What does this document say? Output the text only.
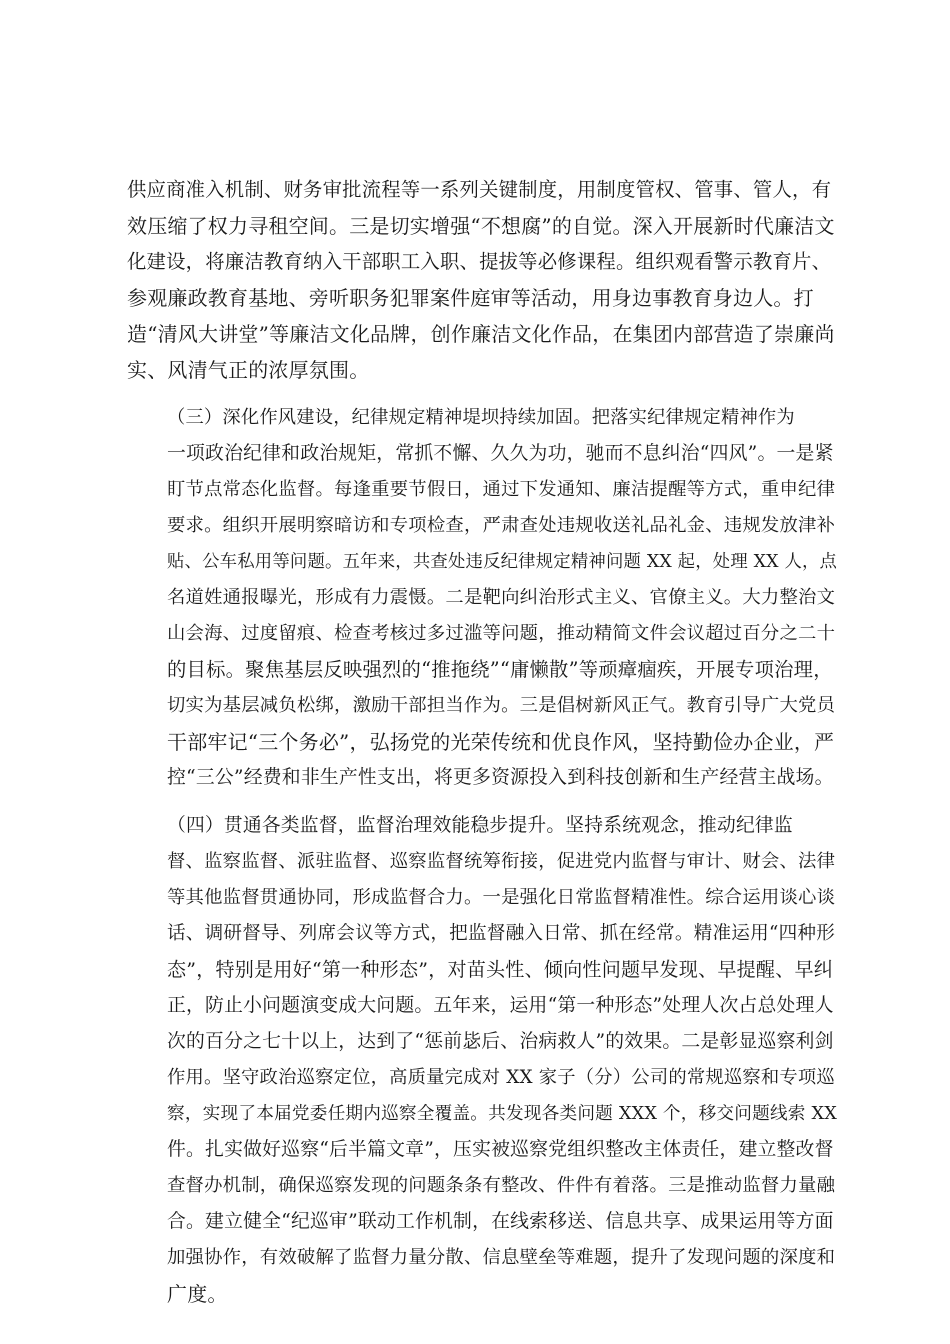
供应商准入机制、财务审批流程等一系列关键制度，用制度管权、管事、管人，有
效压缩了权力寻租空间。三是切实增强“不想腐”的自觉。深入开展新时代廉洁文
化建设，将廉洁教育纳入干部职工入职、提拔等必修课程。组织观看警示教育片、
参观廉政教育基地、旁听职务犯罪案件庭审等活动，用身边事教育身边人。打
造“清风大讲堂”等廉洁文化品牌，创作廉洁文化作品，在集团内部营造了崇廉尚
实、风清气正的浓厚氛围。

（三）深化作风建设，纪律规定精神堤坝持续加固。把落实纪律规定精神作为
一项政治纪律和政治规矩，常抓不懈、久久为功，驰而不息纠治“四风”。一是紧
盯节点常态化监督。每逢重要节假日，通过下发通知、廉洁提醒等方式，重申纪律
要求。组织开展明察暗访和专项检查，严肃查处违规收送礼品礼金、违规发放津补
贴、公车私用等问题。五年来，共查处违反纪律规定精神问题 XX 起，处理 XX 人，点
名道姓通报曝光，形成有力震慑。二是靶向纠治形式主义、官僚主义。大力整治文
山会海、过度留痕、检查考核过多过滥等问题，推动精简文件会议超过百分之二十
的目标。聚焦基层反映强烈的“推拖绕”“庸懒散”等顽瘴痼疾，开展专项治理，
切实为基层减负松绑，激励干部担当作为。三是倡树新风正气。教育引导广大党员
干部牢记“三个务必”，弘扬党的光荣传统和优良作风，坚持勤俭办企业，严
控“三公”经费和非生产性支出，将更多资源投入到科技创新和生产经营主战场。

（四）贯通各类监督，监督治理效能稳步提升。坚持系统观念，推动纪律监
督、监察监督、派驻监督、巡察监督统筹衔接，促进党内监督与审计、财会、法律
等其他监督贯通协同，形成监督合力。一是强化日常监督精准性。综合运用谈心谈
话、调研督导、列席会议等方式，把监督融入日常、抓在经常。精准运用“四种形
态”，特别是用好“第一种形态”，对苗头性、倾向性问题早发现、早提醒、早纠
正，防止小问题演变成大问题。五年来，运用“第一种形态”处理人次占总处理人
次的百分之七十以上，达到了“惩前毖后、治病救人”的效果。二是彰显巡察利剑
作用。坚守政治巡察定位，高质量完成对 XX 家子（分）公司的常规巡察和专项巡
察，实现了本届党委任期内巡察全覆盖。共发现各类问题 XXX 个，移交问题线索 XX
件。扎实做好巡察“后半篇文章”，压实被巡察党组织整改主体责任，建立整改督
查督办机制，确保巡察发现的问题条条有整改、件件有着落。三是推动监督力量融
合。建立健全“纪巡审”联动工作机制，在线索移送、信息共享、成果运用等方面
加强协作，有效破解了监督力量分散、信息壁垒等难题，提升了发现问题的深度和
广度。
